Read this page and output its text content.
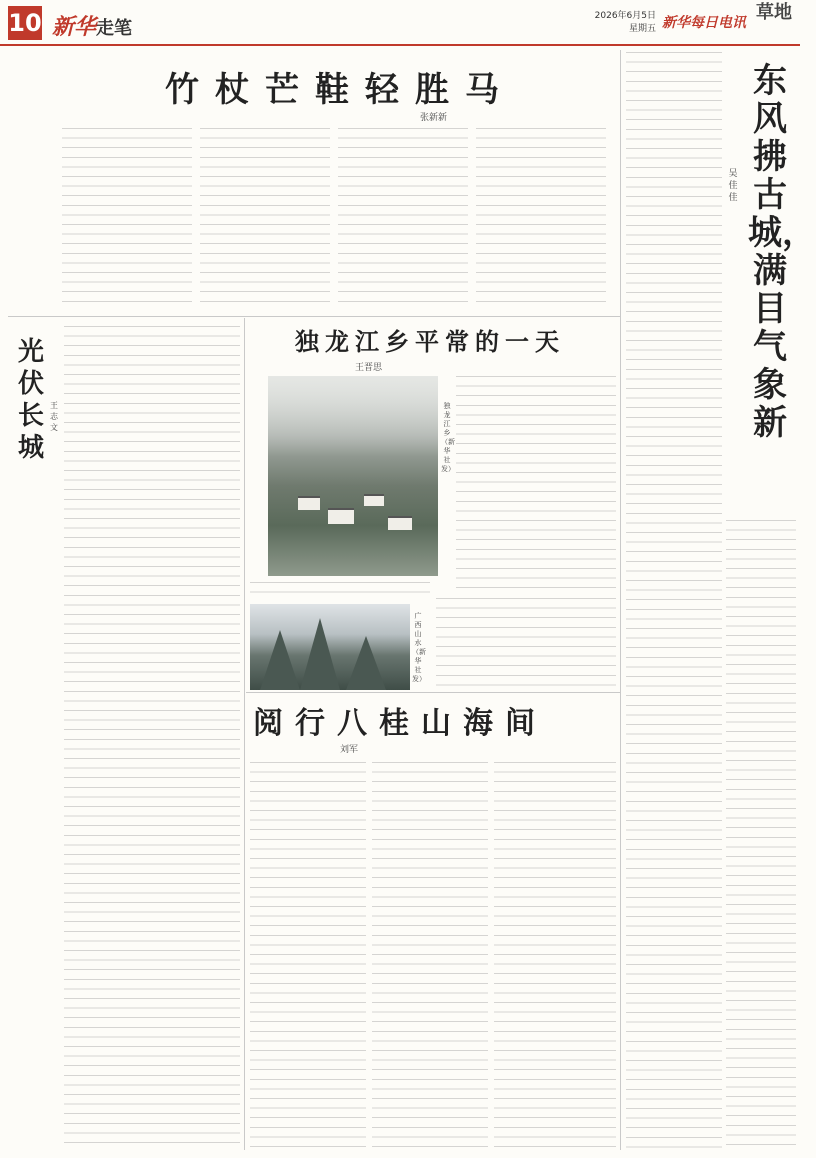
10 新华走笔
2026年6月5日
星期五 新华每日电讯 草地
竹杖芒鞋轻胜马
张新新
东风拂古城，满目气象新
吴佳佳
光伏长城
王志文
独龙江乡平常的一天
王晋思
独龙江乡（新华社发）
广西山水（新华社发）
阅行八桂山海间
刘军
